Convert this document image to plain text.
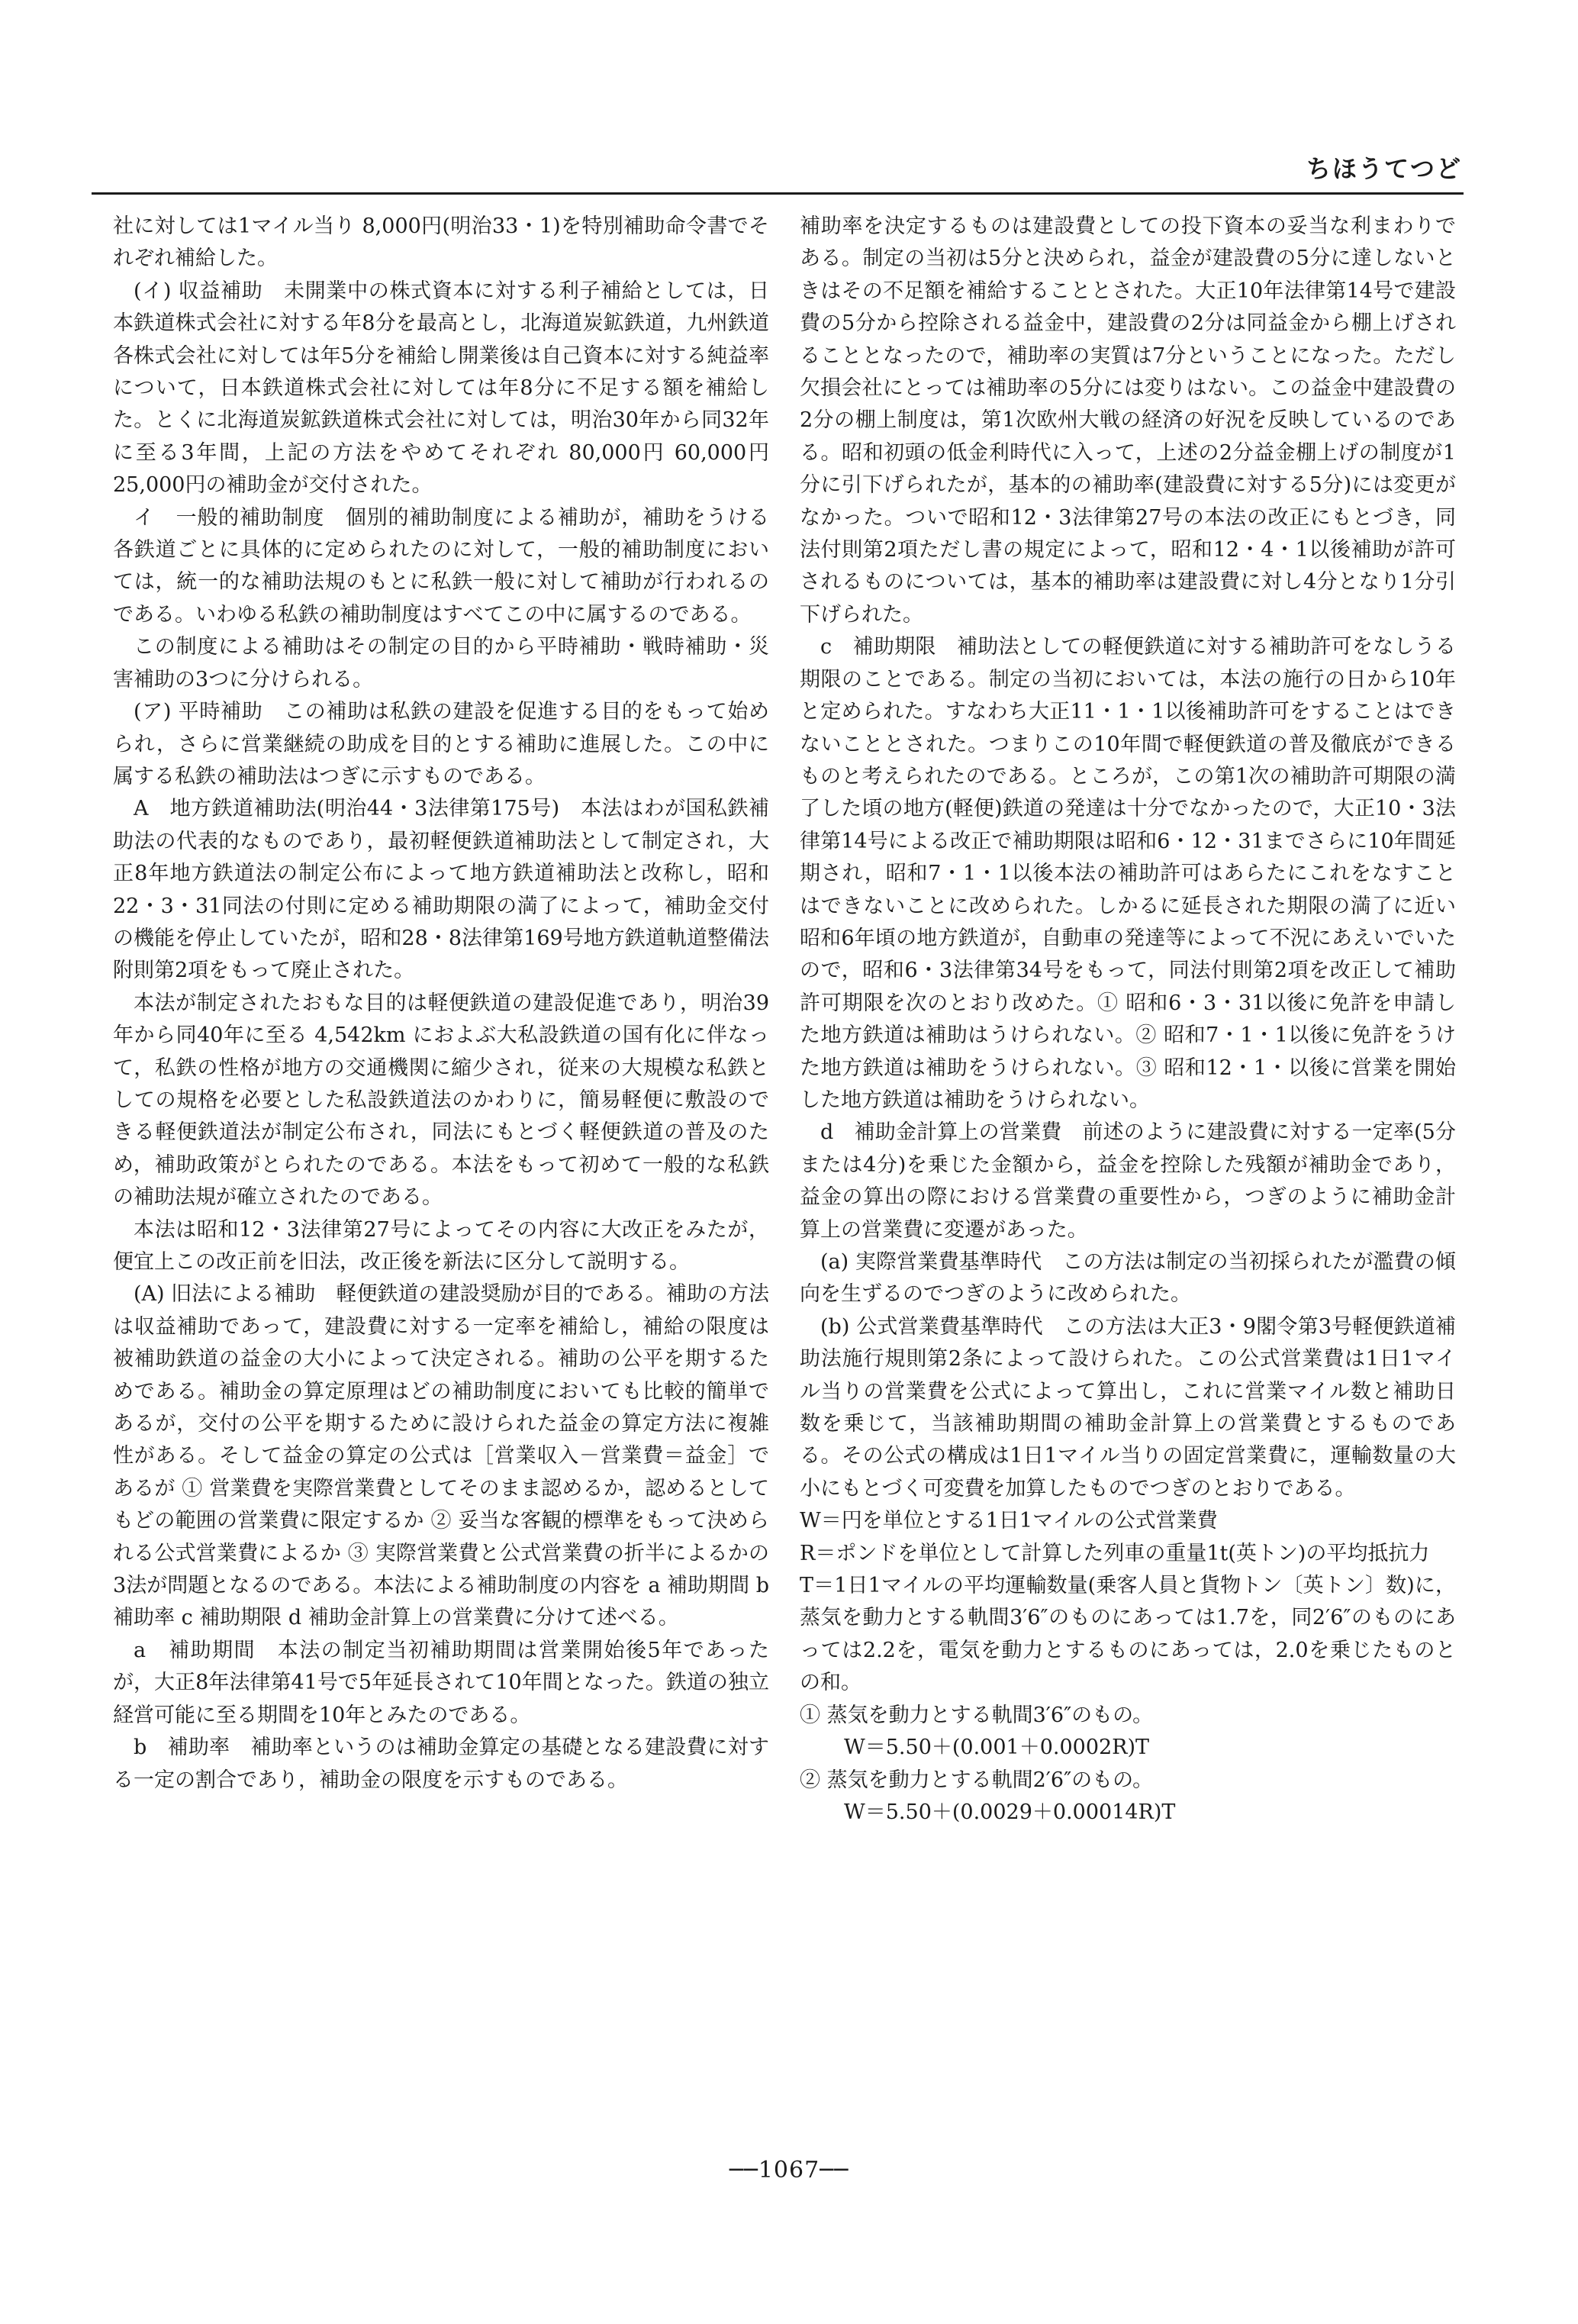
ちほうてつど

社に対しては1マイル当り 8,000円(明治33・1)を特別補助命令書でそれぞれ補給した。

(イ) 収益補助　未開業中の株式資本に対する利子補給としては，日本鉄道株式会社に対する年8分を最高とし，北海道炭鉱鉄道，九州鉄道各株式会社に対しては年5分を補給し開業後は自己資本に対する純益率について，日本鉄道株式会社に対しては年8分に不足する額を補給した。とくに北海道炭鉱鉄道株式会社に対しては，明治30年から同32年に至る3年間，上記の方法をやめてそれぞれ 80,000円 60,000円 25,000円の補助金が交付された。

イ　一般的補助制度　個別的補助制度による補助が，補助をうける各鉄道ごとに具体的に定められたのに対して，一般的補助制度においては，統一的な補助法規のもとに私鉄一般に対して補助が行われるのである。いわゆる私鉄の補助制度はすべてこの中に属するのである。

この制度による補助はその制定の目的から平時補助・戦時補助・災害補助の3つに分けられる。

(ア) 平時補助　この補助は私鉄の建設を促進する目的をもって始められ，さらに営業継続の助成を目的とする補助に進展した。この中に属する私鉄の補助法はつぎに示すものである。

A　地方鉄道補助法(明治44・3法律第175号)　本法はわが国私鉄補助法の代表的なものであり，最初軽便鉄道補助法として制定され，大正8年地方鉄道法の制定公布によって地方鉄道補助法と改称し，昭和22・3・31同法の付則に定める補助期限の満了によって，補助金交付の機能を停止していたが，昭和28・8法律第169号地方鉄道軌道整備法附則第2項をもって廃止された。

本法が制定されたおもな目的は軽便鉄道の建設促進であり，明治39年から同40年に至る 4,542km におよぶ大私設鉄道の国有化に伴なって，私鉄の性格が地方の交通機関に縮少され，従来の大規模な私鉄としての規格を必要とした私設鉄道法のかわりに，簡易軽便に敷設のできる軽便鉄道法が制定公布され，同法にもとづく軽便鉄道の普及のため，補助政策がとられたのである。本法をもって初めて一般的な私鉄の補助法規が確立されたのである。

本法は昭和12・3法律第27号によってその内容に大改正をみたが，便宜上この改正前を旧法，改正後を新法に区分して説明する。

(A) 旧法による補助　軽便鉄道の建設奨励が目的である。補助の方法は収益補助であって，建設費に対する一定率を補給し，補給の限度は被補助鉄道の益金の大小によって決定される。補助の公平を期するためである。補助金の算定原理はどの補助制度においても比較的簡単であるが，交付の公平を期するために設けられた益金の算定方法に複雑性がある。そして益金の算定の公式は［営業収入－営業費＝益金］であるが ① 営業費を実際営業費としてそのまま認めるか，認めるとしてもどの範囲の営業費に限定するか ② 妥当な客観的標準をもって決められる公式営業費によるか ③ 実際営業費と公式営業費の折半によるかの3法が問題となるのである。本法による補助制度の内容を a 補助期間 b 補助率 c 補助期限 d 補助金計算上の営業費に分けて述べる。

a　補助期間　本法の制定当初補助期間は営業開始後5年であったが，大正8年法律第41号で5年延長されて10年間となった。鉄道の独立経営可能に至る期間を10年とみたのである。

b　補助率　補助率というのは補助金算定の基礎となる建設費に対する一定の割合であり，補助金の限度を示すものである。

補助率を決定するものは建設費としての投下資本の妥当な利まわりである。制定の当初は5分と決められ，益金が建設費の5分に達しないときはその不足額を補給することとされた。大正10年法律第14号で建設費の5分から控除される益金中，建設費の2分は同益金から棚上げされることとなったので，補助率の実質は7分ということになった。ただし欠損会社にとっては補助率の5分には変りはない。この益金中建設費の2分の棚上制度は，第1次欧州大戦の経済の好況を反映しているのである。昭和初頭の低金利時代に入って，上述の2分益金棚上げの制度が1分に引下げられたが，基本的の補助率(建設費に対する5分)には変更がなかった。ついで昭和12・3法律第27号の本法の改正にもとづき，同法付則第2項ただし書の規定によって，昭和12・4・1以後補助が許可されるものについては，基本的補助率は建設費に対し4分となり1分引下げられた。

c　補助期限　補助法としての軽便鉄道に対する補助許可をなしうる期限のことである。制定の当初においては，本法の施行の日から10年と定められた。すなわち大正11・1・1以後補助許可をすることはできないこととされた。つまりこの10年間で軽便鉄道の普及徹底ができるものと考えられたのである。ところが，この第1次の補助許可期限の満了した頃の地方(軽便)鉄道の発達は十分でなかったので，大正10・3法律第14号による改正で補助期限は昭和6・12・31までさらに10年間延期され，昭和7・1・1以後本法の補助許可はあらたにこれをなすことはできないことに改められた。しかるに延長された期限の満了に近い昭和6年頃の地方鉄道が，自動車の発達等によって不況にあえいでいたので，昭和6・3法律第34号をもって，同法付則第2項を改正して補助許可期限を次のとおり改めた。① 昭和6・3・31以後に免許を申請した地方鉄道は補助はうけられない。② 昭和7・1・1以後に免許をうけた地方鉄道は補助をうけられない。③ 昭和12・1・以後に営業を開始した地方鉄道は補助をうけられない。

d　補助金計算上の営業費　前述のように建設費に対する一定率(5分または4分)を乗じた金額から，益金を控除した残額が補助金であり，益金の算出の際における営業費の重要性から，つぎのように補助金計算上の営業費に変遷があった。

(a) 実際営業費基準時代　この方法は制定の当初採られたが濫費の傾向を生ずるのでつぎのように改められた。

(b) 公式営業費基準時代　この方法は大正3・9閣令第3号軽便鉄道補助法施行規則第2条によって設けられた。この公式営業費は1日1マイル当りの営業費を公式によって算出し，これに営業マイル数と補助日数を乗じて，当該補助期間の補助金計算上の営業費とするものである。その公式の構成は1日1マイル当りの固定営業費に，運輸数量の大小にもとづく可変費を加算したものでつぎのとおりである。

W＝円を単位とする1日1マイルの公式営業費

R＝ポンドを単位として計算した列車の重量1t(英トン)の平均抵抗力

T＝1日1マイルの平均運輸数量(乗客人員と貨物トン〔英トン〕数)に，蒸気を動力とする軌間3′6″のものにあっては1.7を，同2′6″のものにあっては2.2を，電気を動力とするものにあっては，2.0を乗じたものとの和。

① 蒸気を動力とする軌間3′6″のもの。

W＝5.50＋(0.001＋0.0002R)T

② 蒸気を動力とする軌間2′6″のもの。

W＝5.50＋(0.0029＋0.00014R)T

──1067──
